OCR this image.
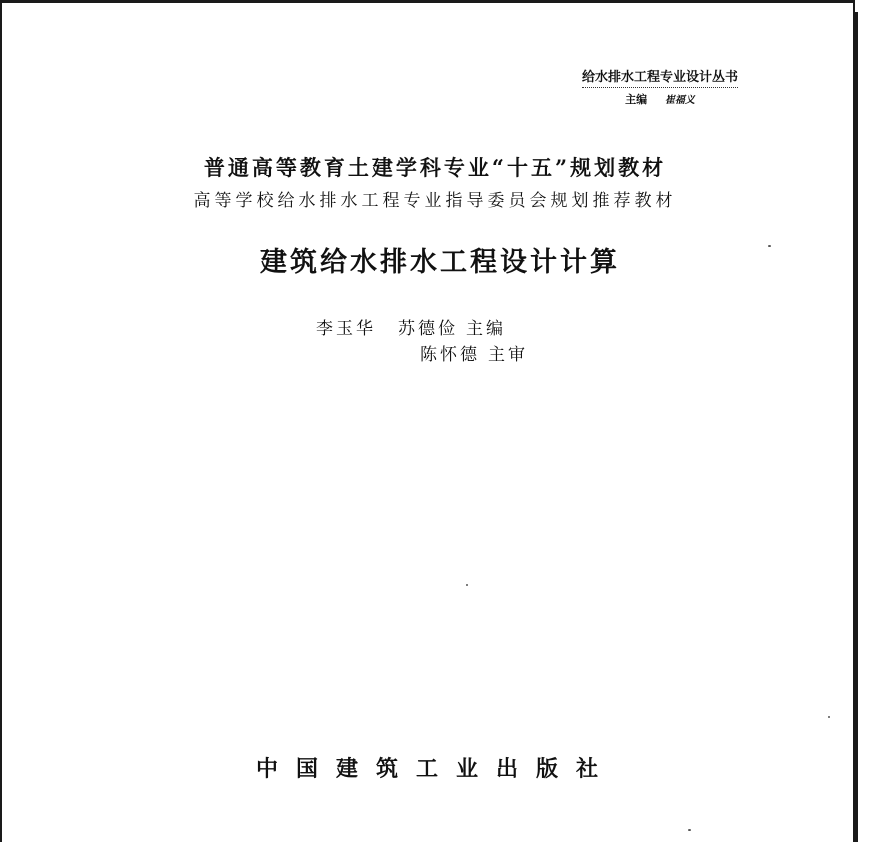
给水排水工程专业设计丛书
主编 崔福义
普通高等教育土建学科专业“十五”规划教材
高等学校给水排水工程专业指导委员会规划推荐教材
建筑给水排水工程设计计算
李玉华 苏德俭 主编
陈怀德 主审
中国建筑工业出版社
